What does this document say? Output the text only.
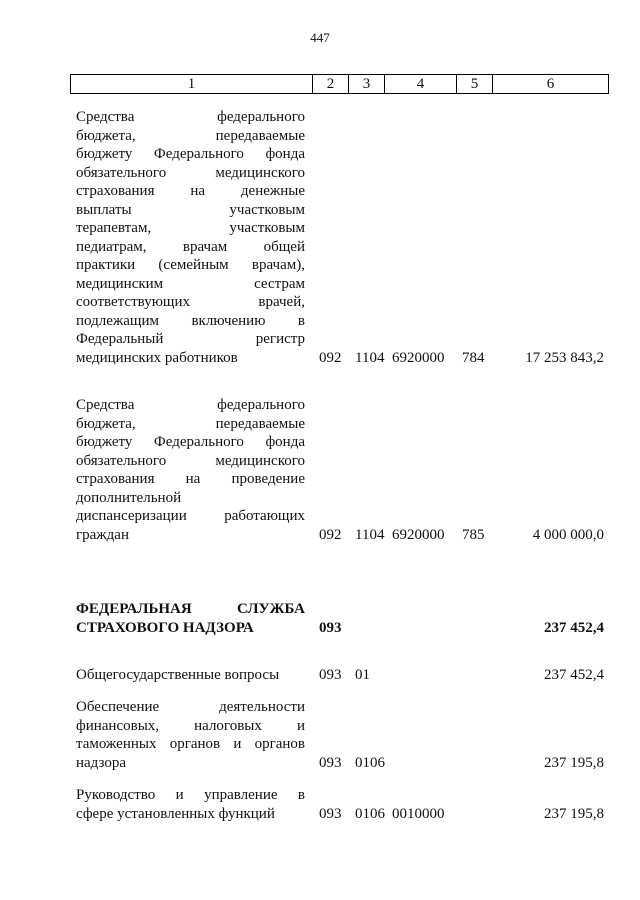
447
1	2	3	4	5	6
Средства федерального
бюджета, передаваемые
бюджету Федерального фонда
обязательного медицинского
страхования на денежные
выплаты участковым
терапевтам, участковым
педиатрам, врачам общей
практики (семейным врачам),
медицинским сестрам
соответствующих врачей,
подлежащим включению в
Федеральный регистр
медицинских работников	092 1104 6920000 784	17 253 843,2
Средства федерального
бюджета, передаваемые
бюджету Федерального фонда
обязательного медицинского
страхования на проведение
дополнительной
диспансеризации работающих
граждан	092 1104 6920000 785	4 000 000,0
ФЕДЕРАЛЬНАЯ СЛУЖБА
СТРАХОВОГО НАДЗОРА	093	237 452,4
Общегосударственные вопросы	093 01	237 452,4
Обеспечение деятельности
финансовых, налоговых и
таможенных органов и органов
надзора	093 0106	237 195,8
Руководство и управление в
сфере установленных функций	093 0106 0010000	237 195,8
